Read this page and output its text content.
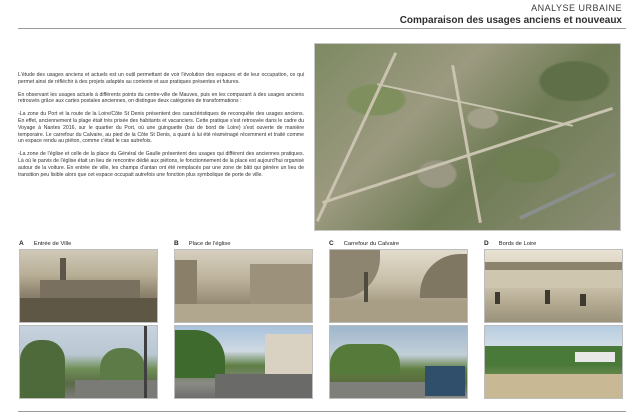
ANALYSE URBAINE
Comparaison des usages anciens et nouveaux

L'étude des usages anciens et actuels est un outil permettant de voir l'évolution des espaces et de leur occupation, ce qui permet ainsi de réfléchir à des projets adaptés au contexte et aux pratiques présentes et futures.

En observant les usages actuels à différents points du centre-ville de Mauves, puis en les comparant à des usages anciens retrouvés grâce aux cartes postales anciennes, on distingue deux catégories de transformations :

-La zone du Port et la route de la Loire/Côte St Denis présentent des caractéristiques de reconquête des usages anciens. En effet, anciennement la plage était très prisée des habitants et vacanciers. Cette pratique s'est retrouvée dans le cadre du Voyage à Nantes 2016, sur le quartier du Port, où une guinguette (bar de bord de Loire) s'est ouverte de manière temporaire. Le carrefour du Calvaire, au pied de la Côte St Denis, a quant à lui été réaménagé récemment et traité comme un espace rendu au piéton, comme c'était le cas autrefois.

-La zone de l'église et celle de la place du Général de Gaulle présentent des usages qui diffèrent des anciennes pratiques. Là où le parvis de l'église était un lieu de rencontre dédié aux piétons, le fonctionnement de la place est aujourd'hui organisé autour de la voiture. En entrée de ville, les champs d'antan ont été remplacés par une zone de bâti qui génère un lieu de transition peu lisible alors que cet espace occupait autrefois une fonction plus symbolique de porte de ville.

A Entrée de Ville	B Place de l'église	C Carrefour du Calvaire	D Bords de Loire
